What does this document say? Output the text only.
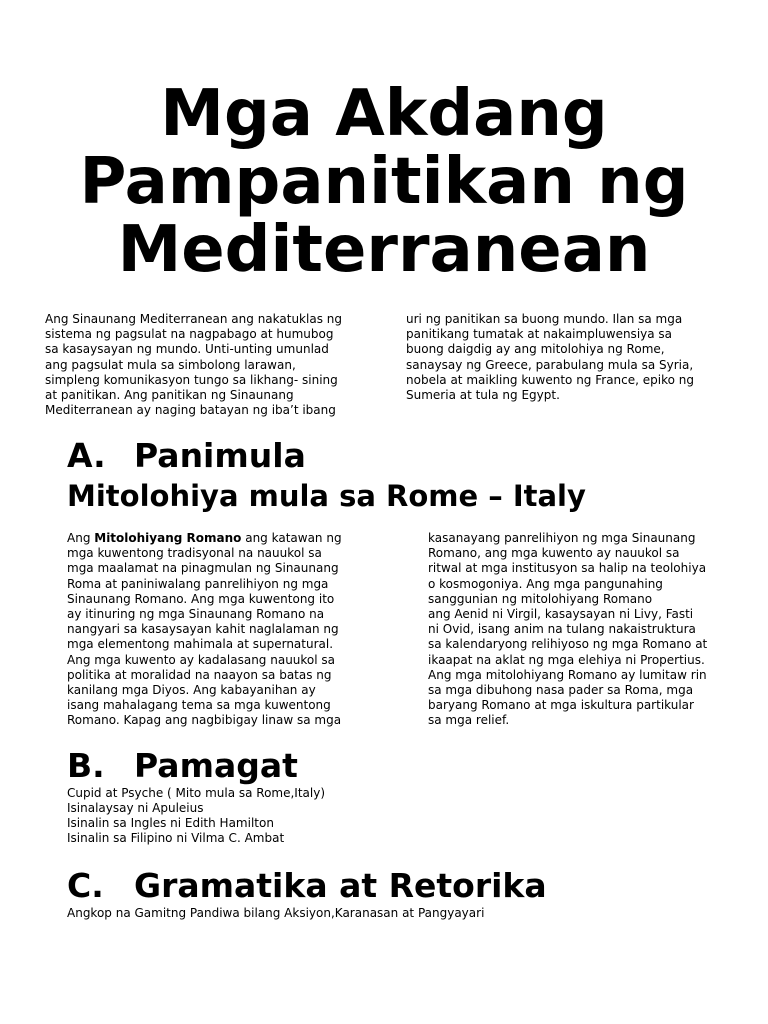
Mga Akdang
Pampanitikan ng
Mediterranean
Ang Sinaunang Mediterranean ang nakatuklas ng
sistema ng pagsulat na nagpabago at humubog
sa kasaysayan ng mundo. Unti-unting umunlad
ang pagsulat mula sa simbolong larawan,
simpleng komunikasyon tungo sa likhang- sining
at panitikan. Ang panitikan ng Sinaunang
Mediterranean ay naging batayan ng iba’t ibang
uri ng panitikan sa buong mundo. Ilan sa mga
panitikang tumatak at nakaimpluwensiya sa
buong daigdig ay ang mitolohiya ng Rome,
sanaysay ng Greece, parabulang mula sa Syria,
nobela at maikling kuwento ng France, epiko ng
Sumeria at tula ng Egypt.
A. Panimula
Mitolohiya mula sa Rome – Italy
Ang Mitolohiyang Romano ang katawan ng
mga kuwentong tradisyonal na nauukol sa
mga maalamat na pinagmulan ng Sinaunang
Roma at paniniwalang panrelihiyon ng mga
Sinaunang Romano. Ang mga kuwentong ito
ay itinuring ng mga Sinaunang Romano na
nangyari sa kasaysayan kahit naglalaman ng
mga elementong mahimala at supernatural.
Ang mga kuwento ay kadalasang nauukol sa
politika at moralidad na naayon sa batas ng
kanilang mga Diyos. Ang kabayanihan ay
isang mahalagang tema sa mga kuwentong
Romano. Kapag ang nagbibigay linaw sa mga
kasanayang panrelihiyon ng mga Sinaunang
Romano, ang mga kuwento ay nauukol sa
ritwal at mga institusyon sa halip na teolohiya
o kosmogoniya. Ang mga pangunahing
sanggunian ng mitolohiyang Romano
ang Aenid ni Virgil, kasaysayan ni Livy, Fasti
ni Ovid, isang anim na tulang nakaistruktura
sa kalendaryong relihiyoso ng mga Romano at
ikaapat na aklat ng mga elehiya ni Propertius.
Ang mga mitolohiyang Romano ay lumitaw rin
sa mga dibuhong nasa pader sa Roma, mga
baryang Romano at mga iskultura partikular
sa mga relief.
B. Pamagat
Cupid at Psyche ( Mito mula sa Rome,Italy)
Isinalaysay ni Apuleius
Isinalin sa Ingles ni Edith Hamilton
Isinalin sa Filipino ni Vilma C. Ambat
C. Gramatika at Retorika
Angkop na Gamitng Pandiwa bilang Aksiyon,Karanasan at Pangyayari
